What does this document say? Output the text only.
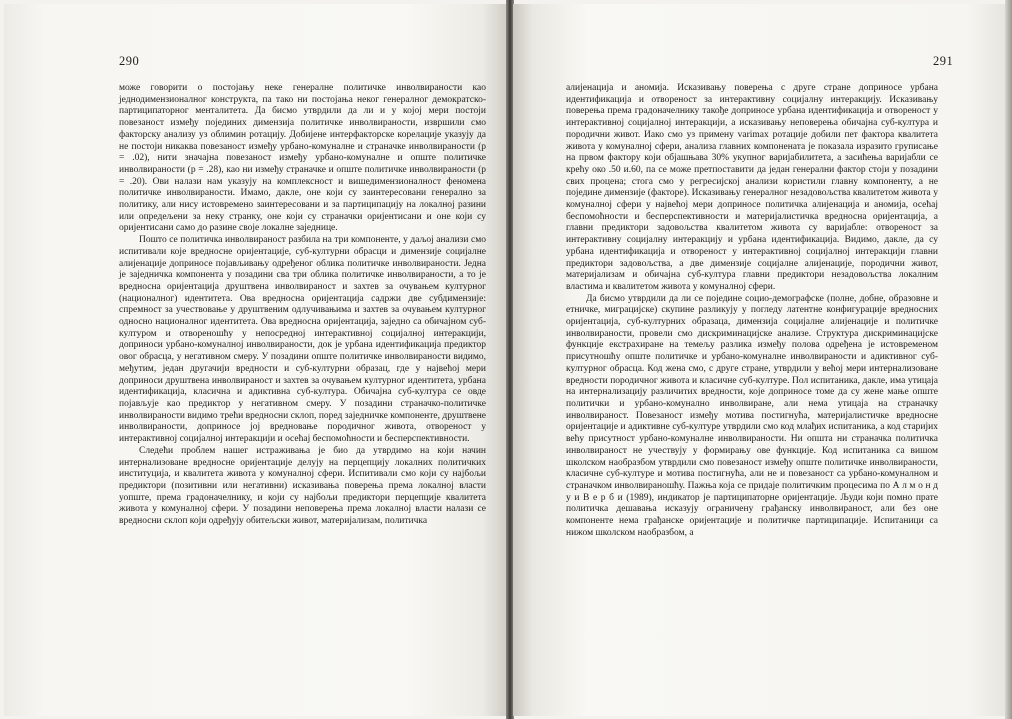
290

може говорити о постојању неке генералне политичке инволвираности као једнодимензионалног конструкта, па тако ни постојања неког генералног демократско-партиципаторног менталитета. Да бисмо утврдили да ли и у којој мери постоји повезаност између појединих димензија политичке инволвираности, извршили смо факторску анализу уз облимин ротацију. Добијене интерфакторске корелације указују да не постоји никаква повезаност између урбано-комуналне и страначке инволвираности (p = .02), нити значајна повезаност између урбано-комуналне и опште политичке инволвираности (p = .28), као ни између страначке и опште политичке инволвираности (p = .20). Ови налази нам указују на комплексност и вишедимензионалност феномена политичке инволвираности. Имамо, дакле, оне који су заинтересовани генерално за политику, али нису истовремено заинтересовани и за партиципацију на локалној разини или опредељени за неку странку, оне који су страначки оријентисани и оне који су оријентисани само до разине своје локалне заједнице.

Пошто се политичка инволвираност разбила на три компоненте, у даљој анализи смо испитивали које вредносне оријентације, суб-културни обрасци и димензије социјалне алијенације доприносе појављивању одређеног облика политичке инволвираности. Једна је заједничка компонента у позадини сва три облика политичке инволвираности, а то је вредносна оријентација друштвена инволвираност и захтев за очувањем културног (националног) идентитета. Ова вредносна оријентација садржи две субдимензије: спремност за учествовање у друштвеним одлучивањима и захтев за очувањем културног односно националног идентитета. Ова вредносна оријентација, заједно са обичајном суб-културом и отвореношћу у непосредној интерактивној социјалној интеракцији, доприноси урбано-комуналној инволвираности, док је урбана идентификација предиктор овог обрасца, у негативном смеру. У позадини опште политичке инволвираности видимо, међутим, један другачији вредности и суб-културни образац, где у највећој мери доприноси друштвена инволвираност и захтев за очувањем културног идентитета, урбана идентификација, класична и адиктивна суб-култура. Обичајна суб-култура се овде појављује као предиктор у негативном смеру. У позадини страначко-политичке инволвираности видимо трећи вредносни склоп, поред заједничке компоненте, друштвене инволвираности, доприносе јој вредновање породичног живота, отвореност у интерактивној социјалној интеракцији и осећај беспомоћности и бесперспективности.

Следећи проблем нашег истраживања је био да утврдимо на који начин интернализоване вредносне оријентације делују на перцепцију локалних политичких институција, и квалитета живота у комуналној сфери. Испитивали смо који су најбољи предиктори (позитивни или негативни) исказивања поверења према локалној власти уопште, према градоначелнику, и који су најбољи предиктори перцепције квалитета живота у комуналној сфери. У позадини неповерења према локалној власти налази се вредносни склоп који одређују обитељски живот, материјализам, политичка

291

алијенација и аномија. Исказивању поверења с друге стране доприносе урбана идентификација и отвореност за интерактивну социјалну интеракцију. Исказивању поверења према градоначелнику такође доприносе урбана идентификација и отвореност у интерактивној социјалној интеракцији, а исказивању неповерења обичајна суб-култура и породични живот. Иако смо уз примену varimax ротације добили пет фактора квалитета живота у комуналној сфери, анализа главних компонената је показала изразито груписање на првом фактору који објашњава 30% укупног варијабилитета, а засићења варијабли се крећу око .50 и.60, па се може претпоставити да један генерални фактор стоји у позадини свих процена; стога смо у регресијској анализи користили главну компоненту, а не поједине димензије (факторе). Исказивању генералног незадовољства квалитетом живота у комуналној сфери у највећој мери доприносе политичка алијенација и аномија, осећај беспомоћности и бесперспективности и материјалистичка вредносна оријентација, а главни предиктори задовољства квалитетом живота су варијабле: отвореност за интерактивну социјалну интеракцију и урбана идентификација. Видимо, дакле, да су урбана идентификација и отвореност у интерактивној социјалној интеракцији главни предиктори задовољства, а две димензије социјалне алијенације, породични живот, материјализам и обичајна суб-култура главни предиктори незадовољства локалним властима и квалитетом живота у комуналној сфери.

Да бисмо утврдили да ли се поједине социо-демографске (полне, добне, образовне и етничке, миграцијске) скупине разликују у погледу латентне конфигурације вредносних оријентација, суб-културних образаца, димензија социјалне алијенације и политичке инволвираности, провели смо дискриминацијске анализе. Структура дискриминацијске функције екстрахиране на темељу разлика између полова одређена је истовременом присутношћу опште политичке и урбано-комуналне инволвираности и адиктивног суб-културног обрасца. Код жена смо, с друге стране, утврдили у већој мери интернализоване вредности породичног живота и класичне суб-културе. Пол испитаника, дакле, има утицаја на интернализацију различитих вредности, које доприносе томе да су жене мање опште политички и урбано-комунално инволвиране, али нема утицаја на страначку инволвираност. Повезаност између мотива постигнућа, материјалистичке вредносне оријентације и адиктивне суб-културе утврдили смо код млађих испитаника, а код старијих већу присутност урбано-комуналне инволвираности. Ни општа ни страначка политичка инволвираност не учествују у формирању ове функције. Код испитаника са вишом школском наобразбом утврдили смо повезаност између опште политичке инволвираности, класичне суб-културе и мотива постигнућа, али не и повезаност са урбано-комуналном и страначком инволвираношћу. Пажња која се придаје политичким процесима по А л м о н д у и В е р б и (1989), индикатор је партиципаторне оријентације. Људи који помно прате политичка дешавања исказују ограничену грађанску инволвираност, али без оне компоненте нема грађанске оријентације и политичке партиципације. Испитаници са нижом школском наобразбом, а
